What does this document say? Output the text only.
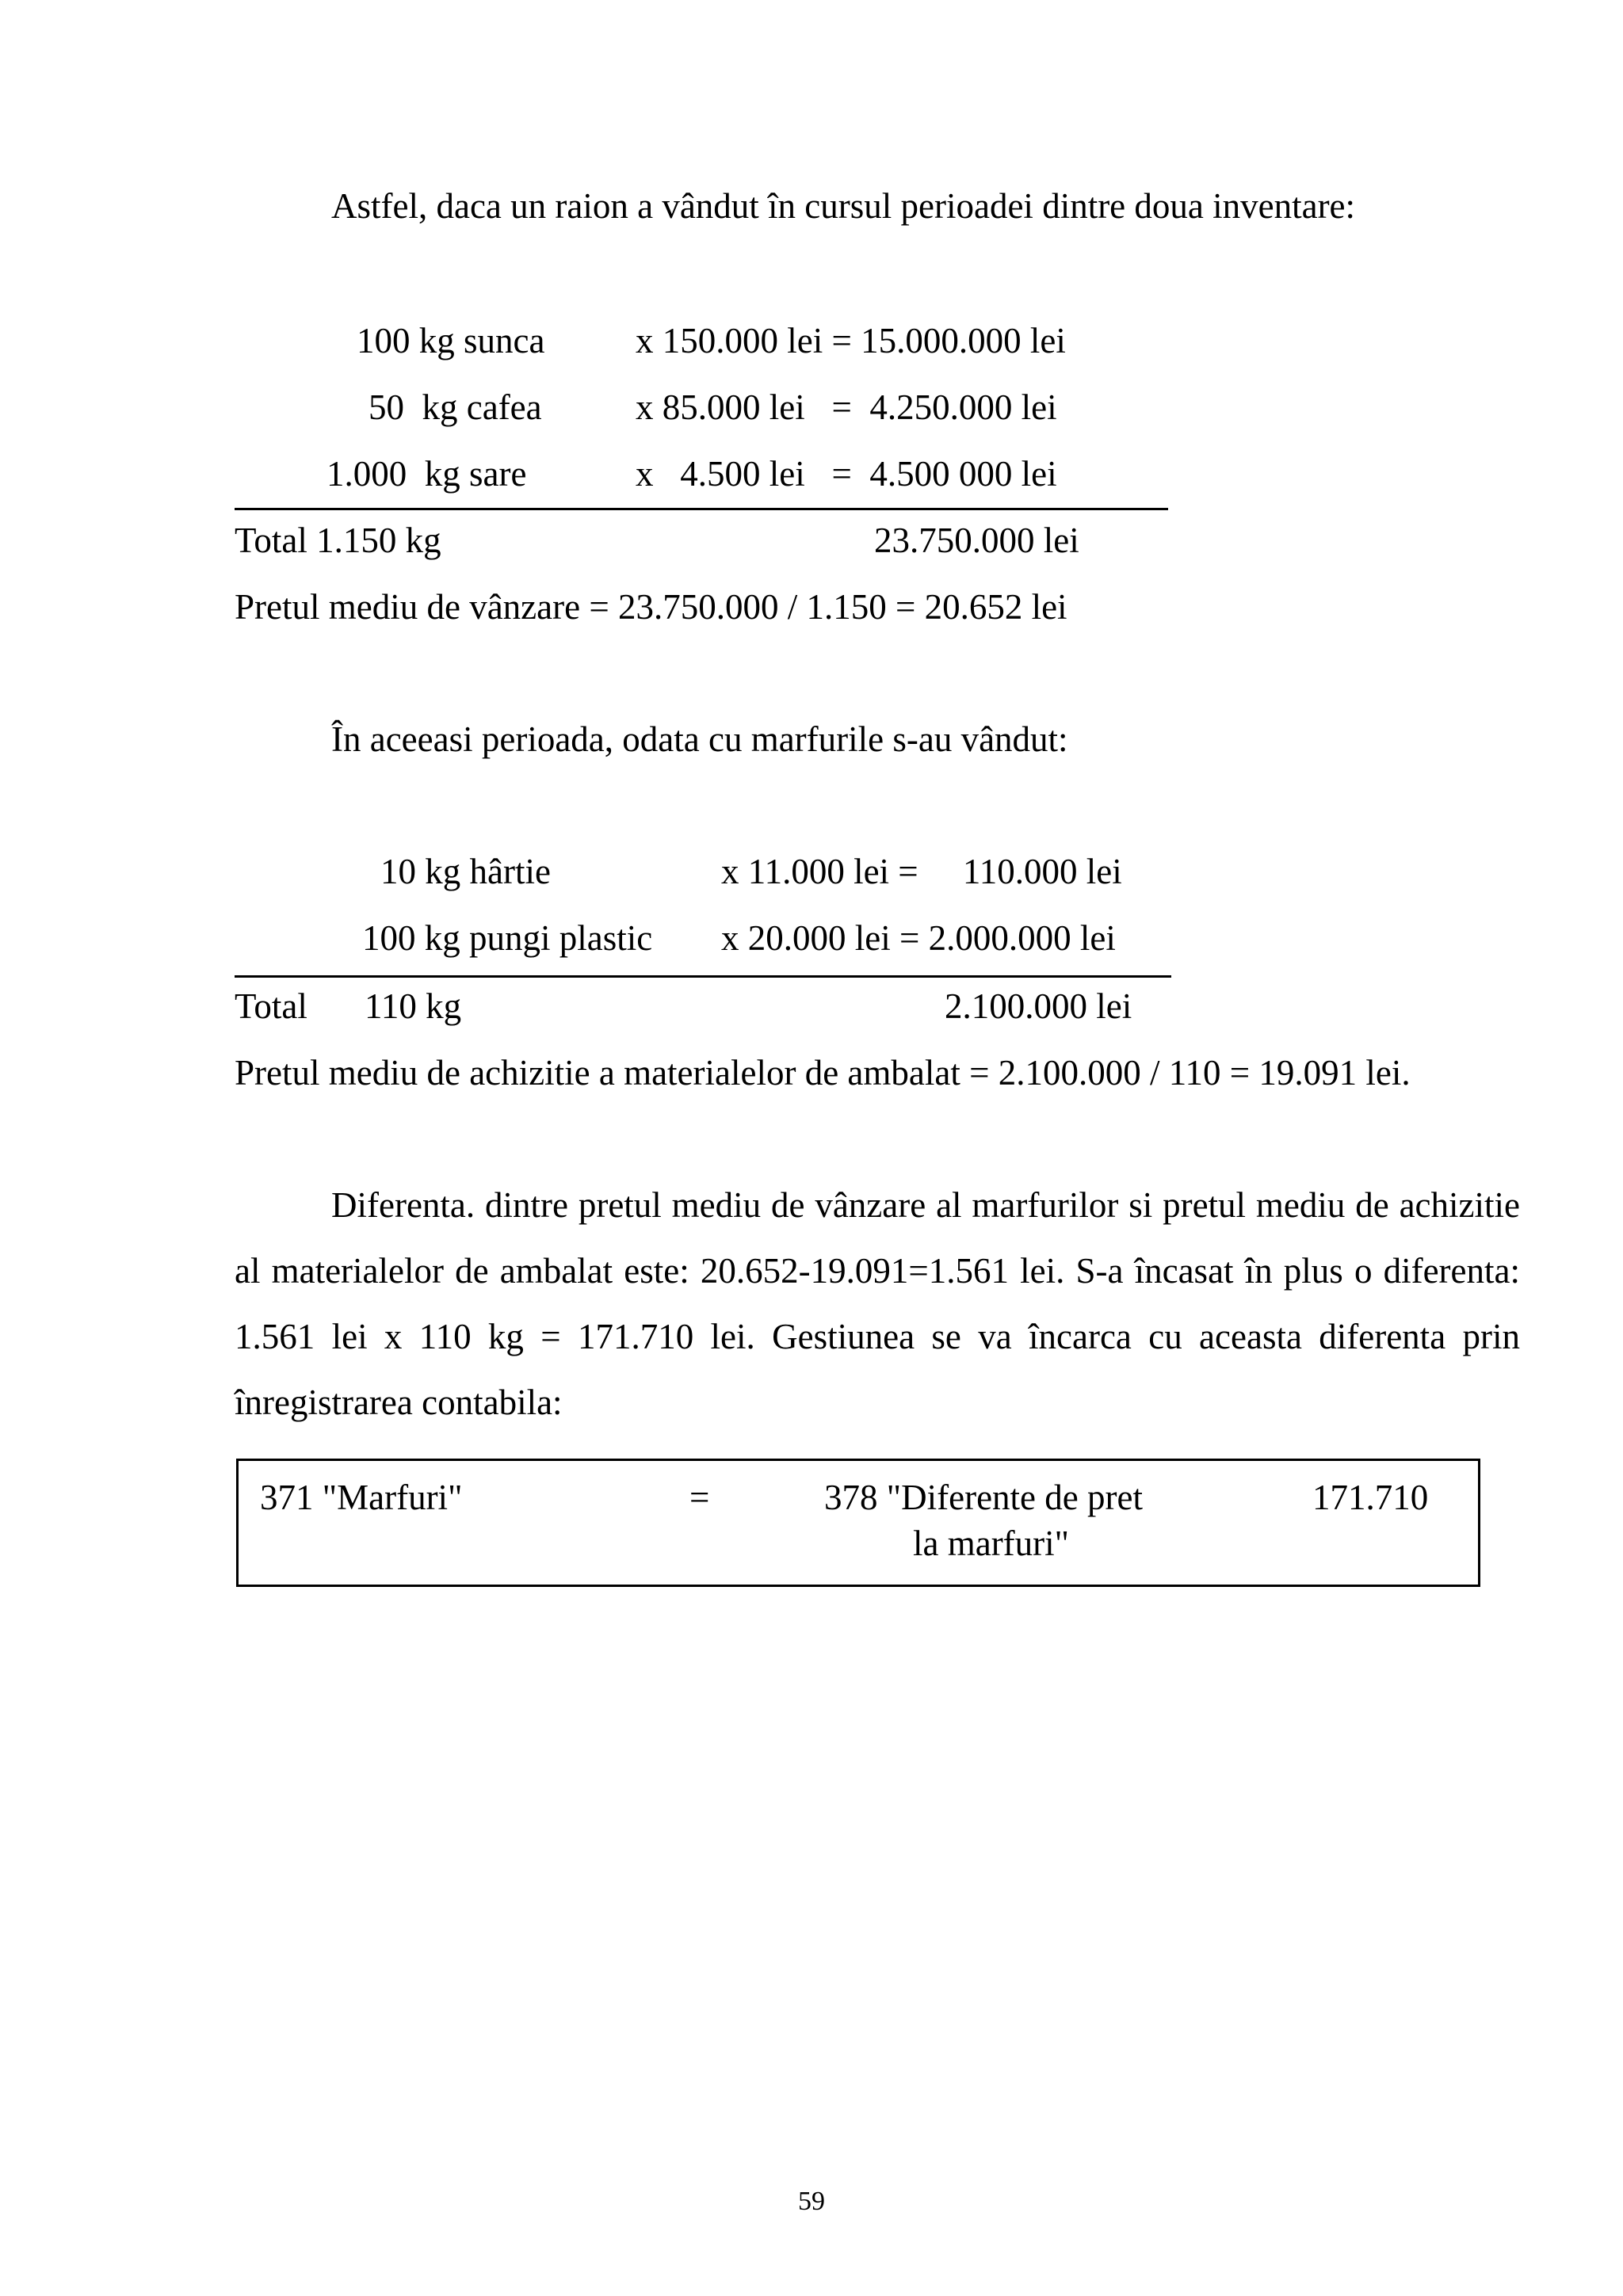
Astfel, daca un raion a vândut în cursul perioadei dintre doua inventare:
100 kg sunca	x 150.000 lei = 15.000.000 lei
50  kg cafea	x 85.000 lei   =  4.250.000 lei
1.000  kg sare	x   4.500 lei   =  4.500 000 lei
Total 1.150 kg	23.750.000 lei
Pretul mediu de vânzare = 23.750.000 / 1.150 = 20.652 lei
În aceeasi perioada, odata cu marfurile s-au vândut:
10 kg hârtie	x 11.000 lei =     110.000 lei
100 kg pungi plastic x 20.000 lei = 2.000.000 lei
Total 110 kg	2.100.000 lei
Pretul mediu de achizitie a materialelor de ambalat = 2.100.000 / 110 = 19.091 lei.
Diferenta. dintre pretul mediu de vânzare al marfurilor si pretul mediu de achizitie al materialelor de ambalat este: 20.652-19.091=1.561 lei. S-a încasat în plus o diferenta: 1.561 lei x 110 kg = 171.710 lei. Gestiunea se va încarca cu aceasta diferenta prin înregistrarea contabila:
371 "Marfuri"	=	378 "Diferente de pret
la marfuri"
171.710
59
